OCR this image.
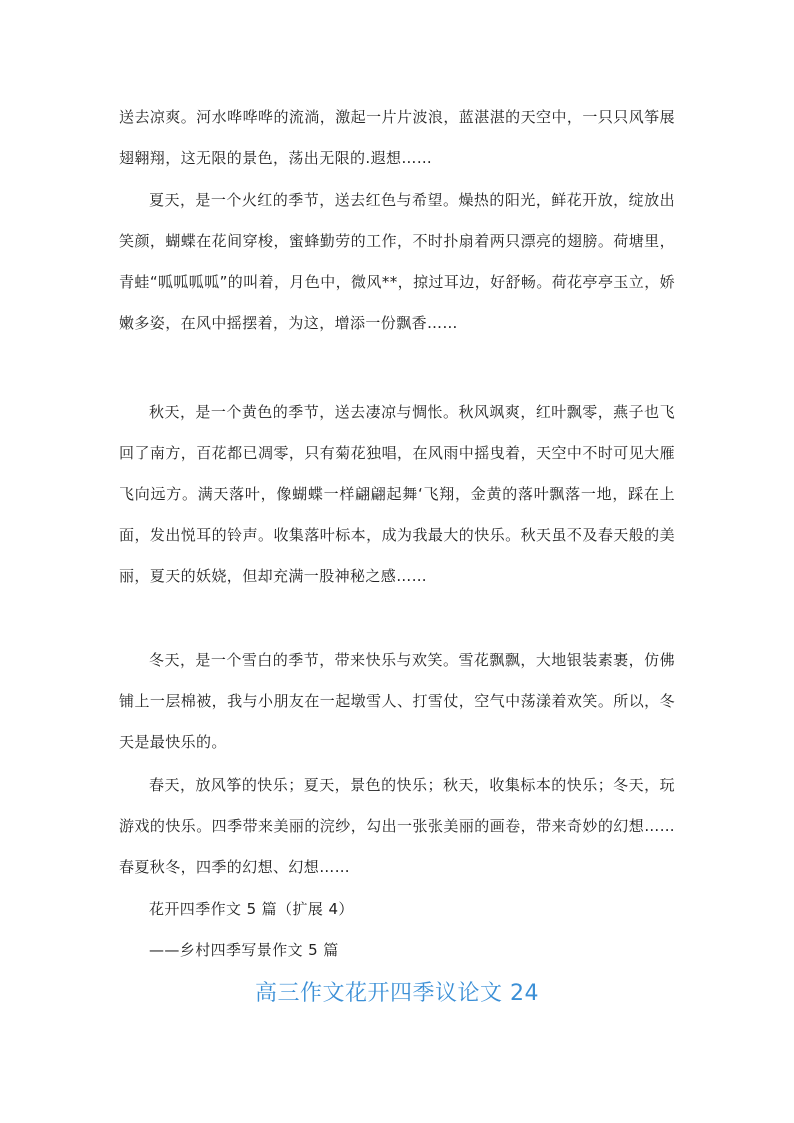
送去凉爽。河水哗哗哗的流淌，激起一片片波浪，蓝湛湛的天空中，一只只风筝展翅翱翔，这无限的景色，荡出无限的.遐想……

夏天，是一个火红的季节，送去红色与希望。燥热的阳光，鲜花开放，绽放出笑颜，蝴蝶在花间穿梭，蜜蜂勤劳的工作，不时扑扇着两只漂亮的翅膀。荷塘里，青蛙“呱呱呱呱”的叫着，月色中，微风**，掠过耳边，好舒畅。荷花亭亭玉立，娇嫩多姿，在风中摇摆着，为这，增添一份飘香……

秋天，是一个黄色的季节，送去凄凉与惆怅。秋风飒爽，红叶飘零，燕子也飞回了南方，百花都已凋零，只有菊花独唱，在风雨中摇曳着，天空中不时可见大雁飞向远方。满天落叶，像蝴蝶一样翩翩起舞‘飞翔，金黄的落叶飘落一地，踩在上面，发出悦耳的铃声。收集落叶标本，成为我最大的快乐。秋天虽不及春天般的美丽，夏天的妖娆，但却充满一股神秘之感……

冬天，是一个雪白的季节，带来快乐与欢笑。雪花飘飘，大地银装素裹，仿佛铺上一层棉被，我与小朋友在一起墩雪人、打雪仗，空气中荡漾着欢笑。所以，冬天是最快乐的。

春天，放风筝的快乐；夏天，景色的快乐；秋天，收集标本的快乐；冬天，玩游戏的快乐。四季带来美丽的浣纱，勾出一张张美丽的画卷，带来奇妙的幻想……春夏秋冬，四季的幻想、幻想……

花开四季作文 5 篇（扩展 4）

——乡村四季写景作文 5 篇

高三作文花开四季议论文 24
